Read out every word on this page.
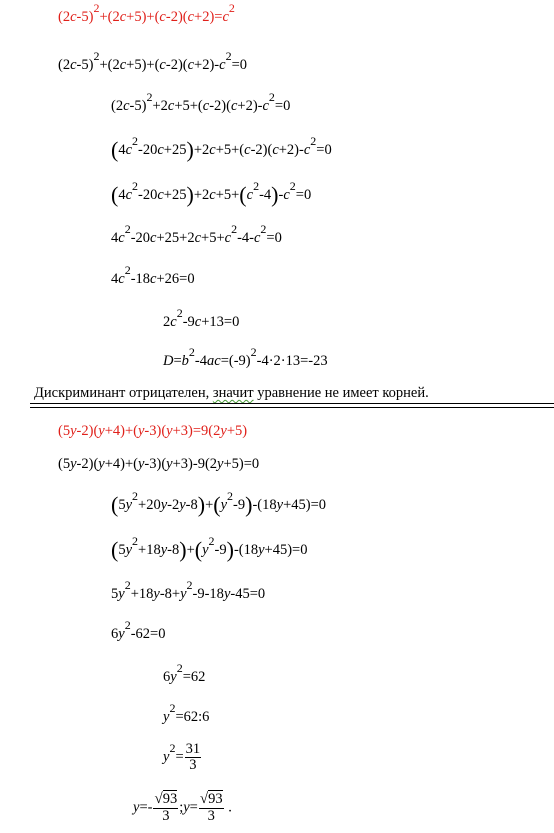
$(2c-5)^2+(2c+5)+(c-2)(c+2)=c^2$
$(2c-5)^2+(2c+5)+(c-2)(c+2)-c^2=0$
$(2c-5)^2+2c+5+(c-2)(c+2)-c^2=0$
$(4c^2-20c+25)+2c+5+(c-2)(c+2)-c^2=0$
$(4c^2-20c+25)+2c+5+(c^2-4)-c^2=0$
$4c^2-20c+25+2c+5+c^2-4-c^2=0$
$4c^2-18c+26=0$
$2c^2-9c+13=0$
$D=b^2-4ac=(-9)^2-4\cdot 2\cdot 13=-23$
Дискриминант отрицателен, значит уравнение не имеет корней.
(5y-2)(y+4)+(y-3)(y+3)=9(2y+5)
(5y-2)(y+4)+(y-3)(y+3)-9(2y+5)=0
$(5y^2+20y-2y-8)+(y^2-9)-(18y+45)=0$
$(5y^2+18y-8)+(y^2-9)-(18y+45)=0$
$5y^2+18y-8+y^2-9-18y-45=0$
$6y^2-62=0$
$6y^2=62$
$y^2=62:6$
$y^2= \frac{31}{3}$
$y=- \frac{√93}{3}$ ;y= $\frac{√93}{3}$ .
